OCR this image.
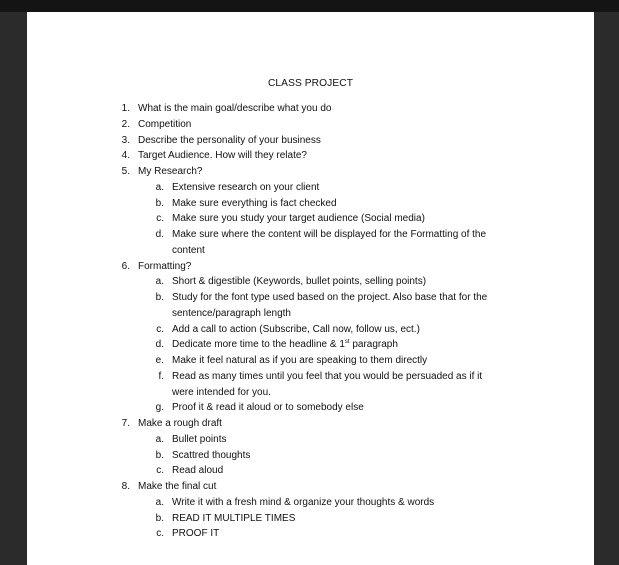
CLASS PROJECT
1. What is the main goal/describe what you do
2. Competition
3. Describe the personality of your business
4. Target Audience. How will they relate?
5. My Research?
a. Extensive research on your client
b. Make sure everything is fact checked
c. Make sure you study your target audience (Social media)
d. Make sure where the content will be displayed for the Formatting of the
content
6. Formatting?
a. Short & digestible (Keywords, bullet points, selling points)
b. Study for the font type used based on the project. Also base that for the
sentence/paragraph length
c. Add a call to action (Subscribe, Call now, follow us, ect.)
d. Dedicate more time to the headline & 1st paragraph
e. Make it feel natural as if you are speaking to them directly
f. Read as many times until you feel that you would be persuaded as if it
were intended for you.
g. Proof it & read it aloud or to somebody else
7. Make a rough draft
a. Bullet points
b. Scattred thoughts
c. Read aloud
8. Make the final cut
a. Write it with a fresh mind & organize your thoughts & words
b. READ IT MULTIPLE TIMES
c. PROOF IT
